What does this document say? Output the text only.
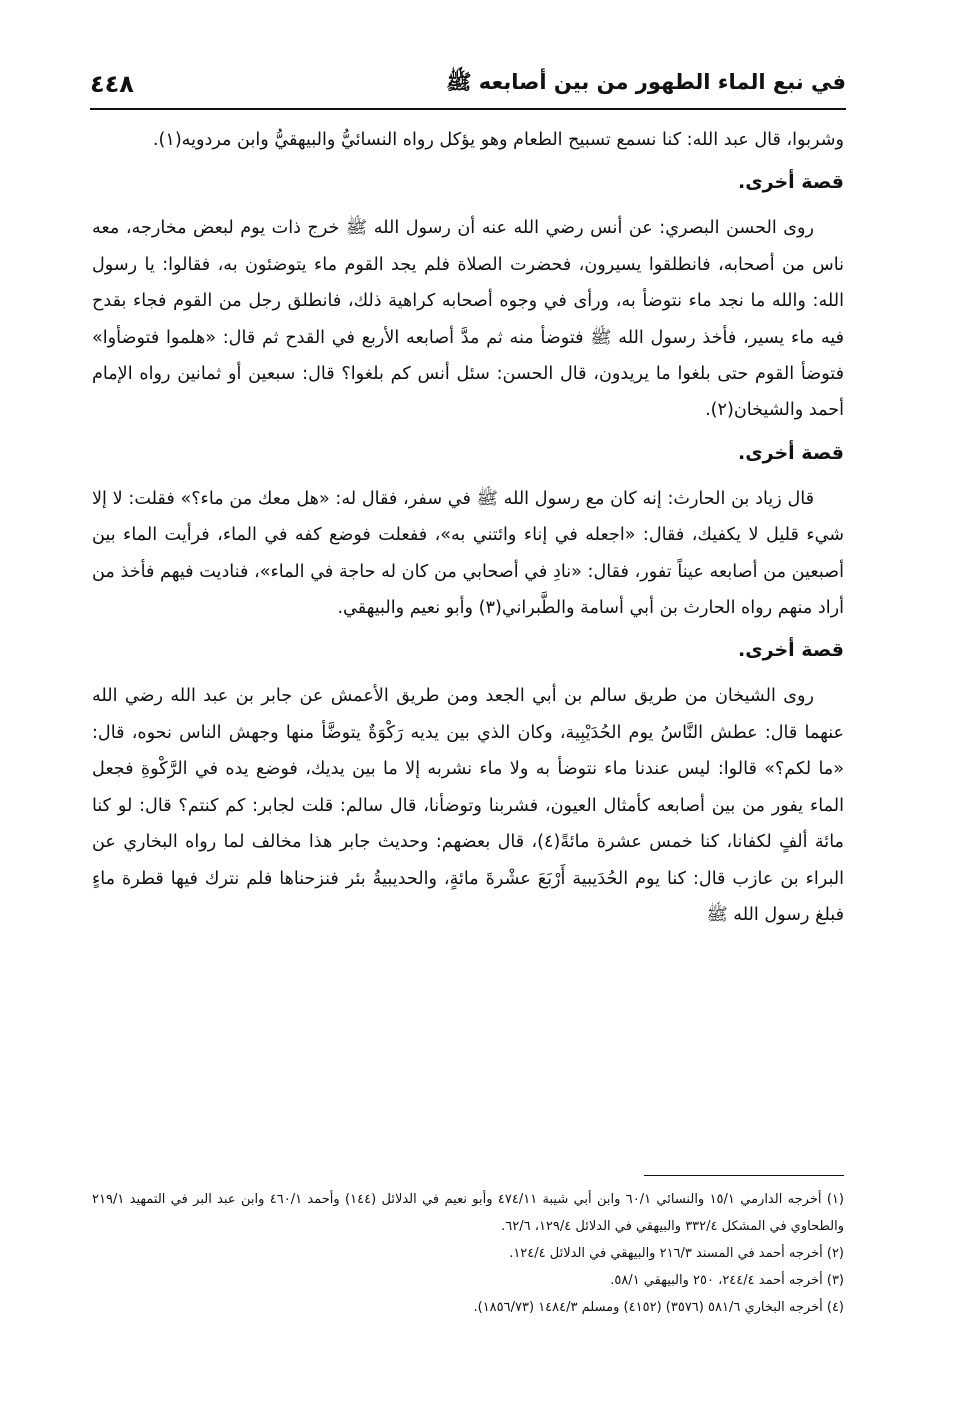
في نبع الماء الطهور من بين أصابعه ﷺ
٤٤٨

وشربوا، قال عبد الله: كنا نسمع تسبيح الطعام وهو يؤكل رواه النسائيُّ والبيهقيُّ وابن مردويه(١).

قصة أخرى.

روى الحسن البصري: عن أنس رضي الله عنه أن رسول الله ﷺ خرج ذات يوم لبعض مخارجه، معه ناس من أصحابه، فانطلقوا يسيرون، فحضرت الصلاة فلم يجد القوم ماء يتوضئون به، فقالوا: يا رسول الله: والله ما نجد ماء نتوضأ به، ورأى في وجوه أصحابه كراهية ذلك، فانطلق رجل من القوم فجاء بقدح فيه ماء يسير، فأخذ رسول الله ﷺ فتوضأ منه ثم مدَّ أصابعه الأربع في القدح ثم قال: «هلموا فتوضأوا» فتوضأ القوم حتى بلغوا ما يريدون، قال الحسن: سئل أنس كم بلغوا؟ قال: سبعين أو ثمانين رواه الإمام أحمد والشيخان(٢).

قصة أخرى.

قال زياد بن الحارث: إنه كان مع رسول الله ﷺ في سفر، فقال له: «هل معك من ماء؟» فقلت: لا إلا شيء قليل لا يكفيك، فقال: «اجعله في إناء وائتني به»، ففعلت فوضع كفه في الماء، فرأيت الماء بين أصبعين من أصابعه عيناً تفور، فقال: «نادِ في أصحابي من كان له حاجة في الماء»، فناديت فيهم فأخذ من أراد منهم رواه الحارث بن أبي أسامة والطَّبراني(٣) وأبو نعيم والبيهقي.

قصة أخرى.

روى الشيخان من طريق سالم بن أبي الجعد ومن طريق الأعمش عن جابر بن عبد الله رضي الله عنهما قال: عطش النَّاسُ يوم الحُدَيْبِية، وكان الذي بين يديه رَكْوَةٌ يتوضَّأ منها وجهش الناس نحوه، قال: «ما لكم؟» قالوا: ليس عندنا ماء نتوضأ به ولا ماء نشربه إلا ما بين يديك، فوضع يده في الرَّكْوةِ فجعل الماء يفور من بين أصابعه كأمثال العيون، فشربنا وتوضأنا، قال سالم: قلت لجابر: كم كنتم؟ قال: لو كنا مائة ألفٍ لكفانا، كنا خمس عشرة مائةً(٤)، قال بعضهم: وحديث جابر هذا مخالف لما رواه البخاري عن البراء بن عازب قال: كنا يوم الحُدَيبية أَرْبَعَ عشْرةَ مائةٍ، والحديبيةُ بئر فنزحناها فلم نترك فيها قطرة ماءٍ فبلغ رسول الله ﷺ

(١) أخرجه الدارمي ١٥/١ والنسائي ٦٠/١ وابن أبي شيبة ٤٧٤/١١ وأبو نعيم في الدلائل (١٤٤) وأحمد ٤٦٠/١ وابن عبد البر في التمهيد ٢١٩/١ والطحاوي في المشكل ٣٣٢/٤ والبيهقي في الدلائل ١٢٩/٤، ٦٢/٦.

(٢) أخرجه أحمد في المسند ٢١٦/٣ والبيهقي في الدلائل ١٢٤/٤.

(٣) أخرجه أحمد ٢٤٤/٤، ٢٥٠ والبيهقي ٥٨/١.

(٤) أخرجه البخاري ٥٨١/٦ (٣٥٧٦) (٤١٥٢) ومسلم ١٤٨٤/٣ (١٨٥٦/٧٣).
